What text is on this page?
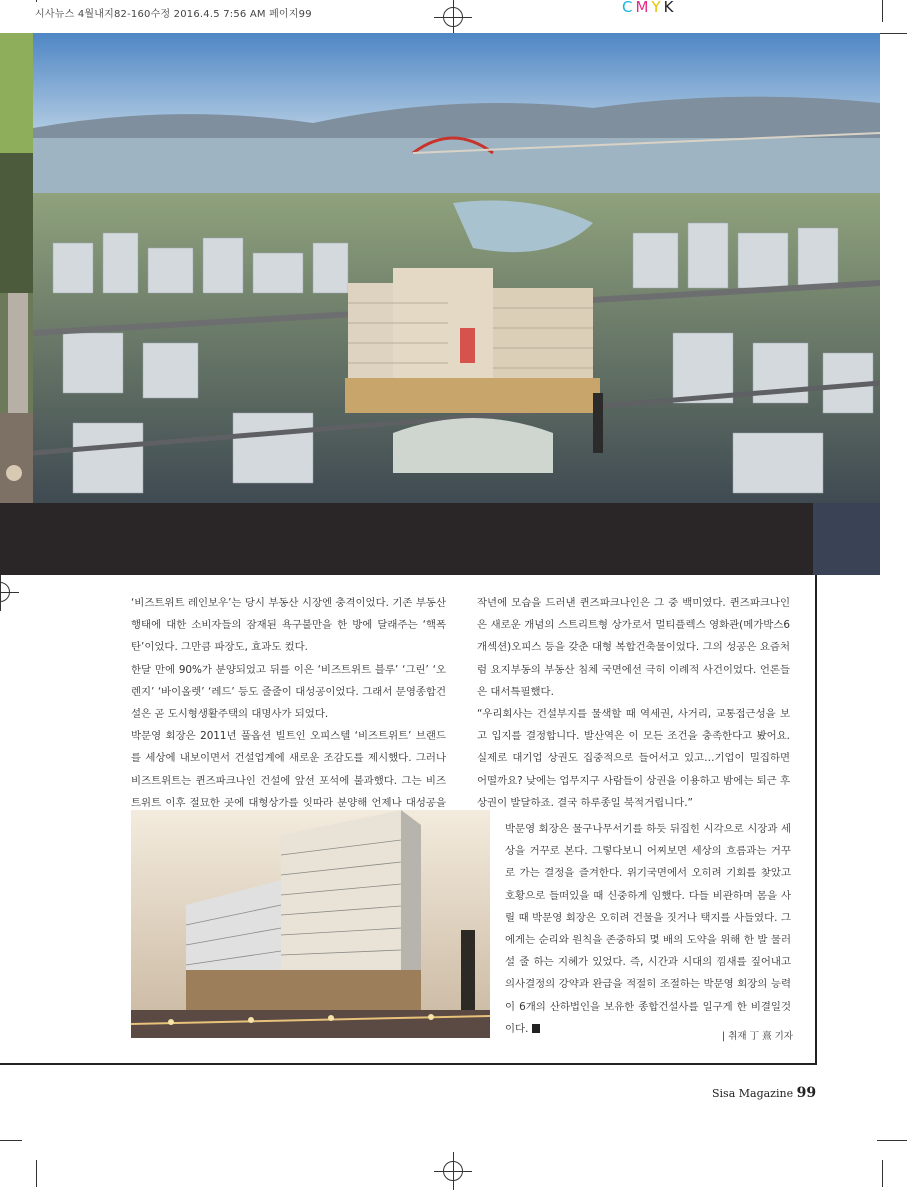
시사뉴스 4월내지82-160수정 2016.4.5 7:56 AM 페이지99	CMYK

‘비즈트위트 레인보우’는 당시 부동산 시장엔 충격이었다. 기존 부동산 행태에 대한 소비자들의 잠재된 욕구불만을 한 방에 달래주는 ‘핵폭탄’이었다. 그만큼 파장도, 효과도 컸다.

한달 만에 90%가 분양되었고 뒤를 이은 ‘비즈트위트 블루’ ‘그린’ ‘오렌지’ ‘바이올렛’ ‘레드’ 등도 줄줄이 대성공이었다. 그래서 문영종합건설은 곧 도시형생활주택의 대명사가 되었다.

박문영 회장은 2011년 풀옵션 빌트인 오피스텔 ‘비즈트위트’ 브랜드를 세상에 내보이면서 건설업계에 새로운 조감도를 제시했다. 그러나 비즈트위트는 퀸즈파크나인 건설에 앞선 포석에 불과했다. 그는 비즈트위트 이후 절묘한 곳에 대형상가를 잇따라 분양해 언제나 대성공을

작년에 모습을 드러낸 퀸즈파크나인은 그 중 백미였다. 퀸즈파크나인은 새로운 개념의 스트리트형 상가로서 멀티플렉스 영화관(메가박스6개섹션)오피스 등을 갖춘 대형 복합건축물이었다. 그의 성공은 요즘처럼 요지부동의 부동산 침체 국면에선 극히 이례적 사건이었다. 언론들은 대서특필했다.

“우리회사는 건설부지를 물색할 때 역세권, 사거리, 교통접근성을 보고 입지를 결정합니다. 발산역은 이 모든 조건을 충족한다고 봤어요. 실제로 대기업 상권도 집중적으로 들어서고 있고…기업이 밀집하면 어떨까요? 낮에는 업무지구 사람들이 상권을 이용하고 밤에는 퇴근 후 상권이 발달하죠. 결국 하루종일 북적거립니다.”

박문영 회장은 물구나무서기를 하듯 뒤집힌 시각으로 시장과 세상을 거꾸로 본다. 그렇다보니 어찌보면 세상의 흐름과는 거꾸로 가는 결정을 즐겨한다. 위기국면에서 오히려 기회를 찾았고 호황으로 들떠있을 때 신중하게 임했다. 다들 비관하며 몸을 사릴 때 박문영 회장은 오히려 건물을 짓거나 택지를 사들였다. 그에게는 순리와 원칙을 존중하되 몇 배의 도약을 위해 한 발 물러설 줄 하는 지혜가 있었다. 즉, 시간과 시대의 낌새를 짚어내고 의사결정의 강약과 완급을 적절히 조절하는 박문영 회장의 능력이 6개의 산하법인을 보유한 종합건설사를 일구게 한 비결일것이다.

| 취재 丁 熹 기자
Sisa Magazine 99
